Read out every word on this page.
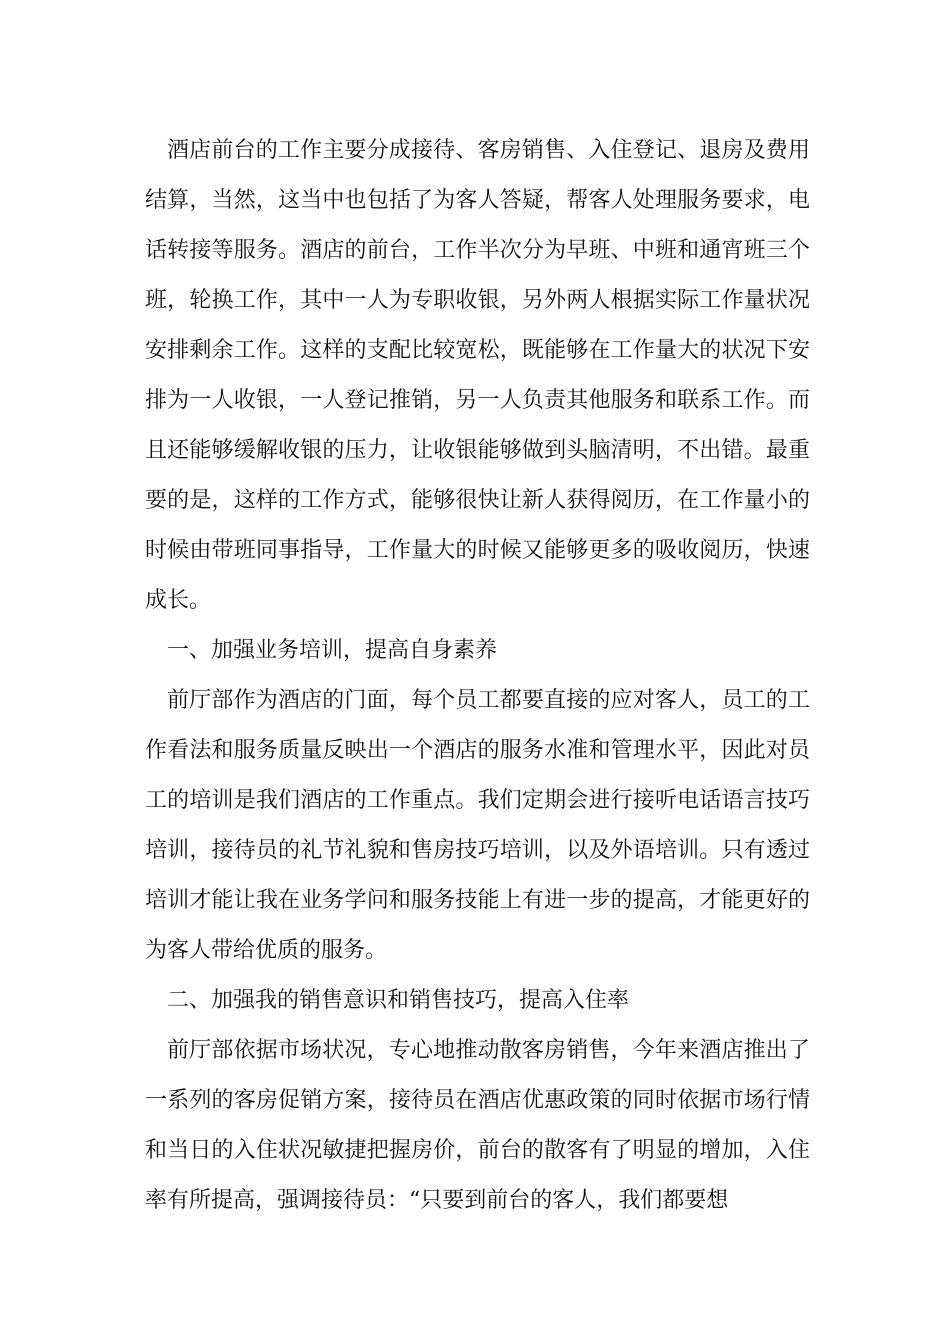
酒店前台的工作主要分成接待、客房销售、入住登记、退房及费用结算，当然，这当中也包括了为客人答疑，帮客人处理服务要求，电话转接等服务。酒店的前台，工作半次分为早班、中班和通宵班三个班，轮换工作，其中一人为专职收银，另外两人根据实际工作量状况安排剩余工作。这样的支配比较宽松，既能够在工作量大的状况下安排为一人收银，一人登记推销，另一人负责其他服务和联系工作。而且还能够缓解收银的压力，让收银能够做到头脑清明，不出错。最重要的是，这样的工作方式，能够很快让新人获得阅历，在工作量小的时候由带班同事指导，工作量大的时候又能够更多的吸收阅历，快速成长。

一、加强业务培训，提高自身素养

前厅部作为酒店的门面，每个员工都要直接的应对客人，员工的工作看法和服务质量反映出一个酒店的服务水准和管理水平，因此对员工的培训是我们酒店的工作重点。我们定期会进行接听电话语言技巧培训，接待员的礼节礼貌和售房技巧培训，以及外语培训。只有透过培训才能让我在业务学问和服务技能上有进一步的提高，才能更好的为客人带给优质的服务。

二、加强我的销售意识和销售技巧，提高入住率

前厅部依据市场状况，专心地推动散客房销售，今年来酒店推出了一系列的客房促销方案，接待员在酒店优惠政策的同时依据市场行情和当日的入住状况敏捷把握房价，前台的散客有了明显的增加，入住率有所提高，强调接待员：“只要到前台的客人，我们都要想
